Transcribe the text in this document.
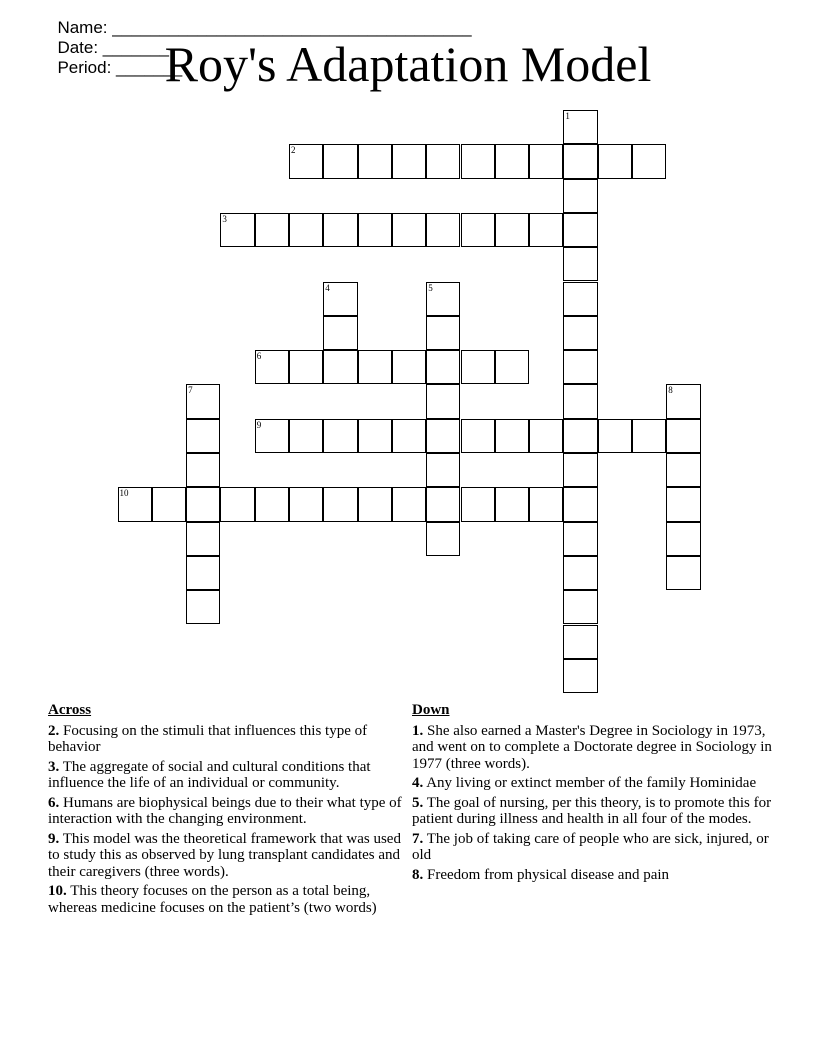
Name: ______________________________________
Date: _______
Period: _______

Roy's Adaptation Model
1
2
3
4	5
6
7	8
9
10
Across
2. Focusing on the stimuli that influences this type of behavior
3. The aggregate of social and cultural conditions that influence the life of an individual or community.
6. Humans are biophysical beings due to their what type of interaction with the changing environment.
9. This model was the theoretical framework that was used to study this as observed by lung transplant candidates and their caregivers (three words).
10. This theory focuses on the person as a total being, whereas medicine focuses on the patient’s (two words)
Down
1. She also earned a Master's Degree in Sociology in 1973, and went on to complete a Doctorate degree in Sociology in 1977 (three words).
4. Any living or extinct member of the family Hominidae
5. The goal of nursing, per this theory, is to promote this for patient during illness and health in all four of the modes.
7. The job of taking care of people who are sick, injured, or old
8. Freedom from physical disease and pain
